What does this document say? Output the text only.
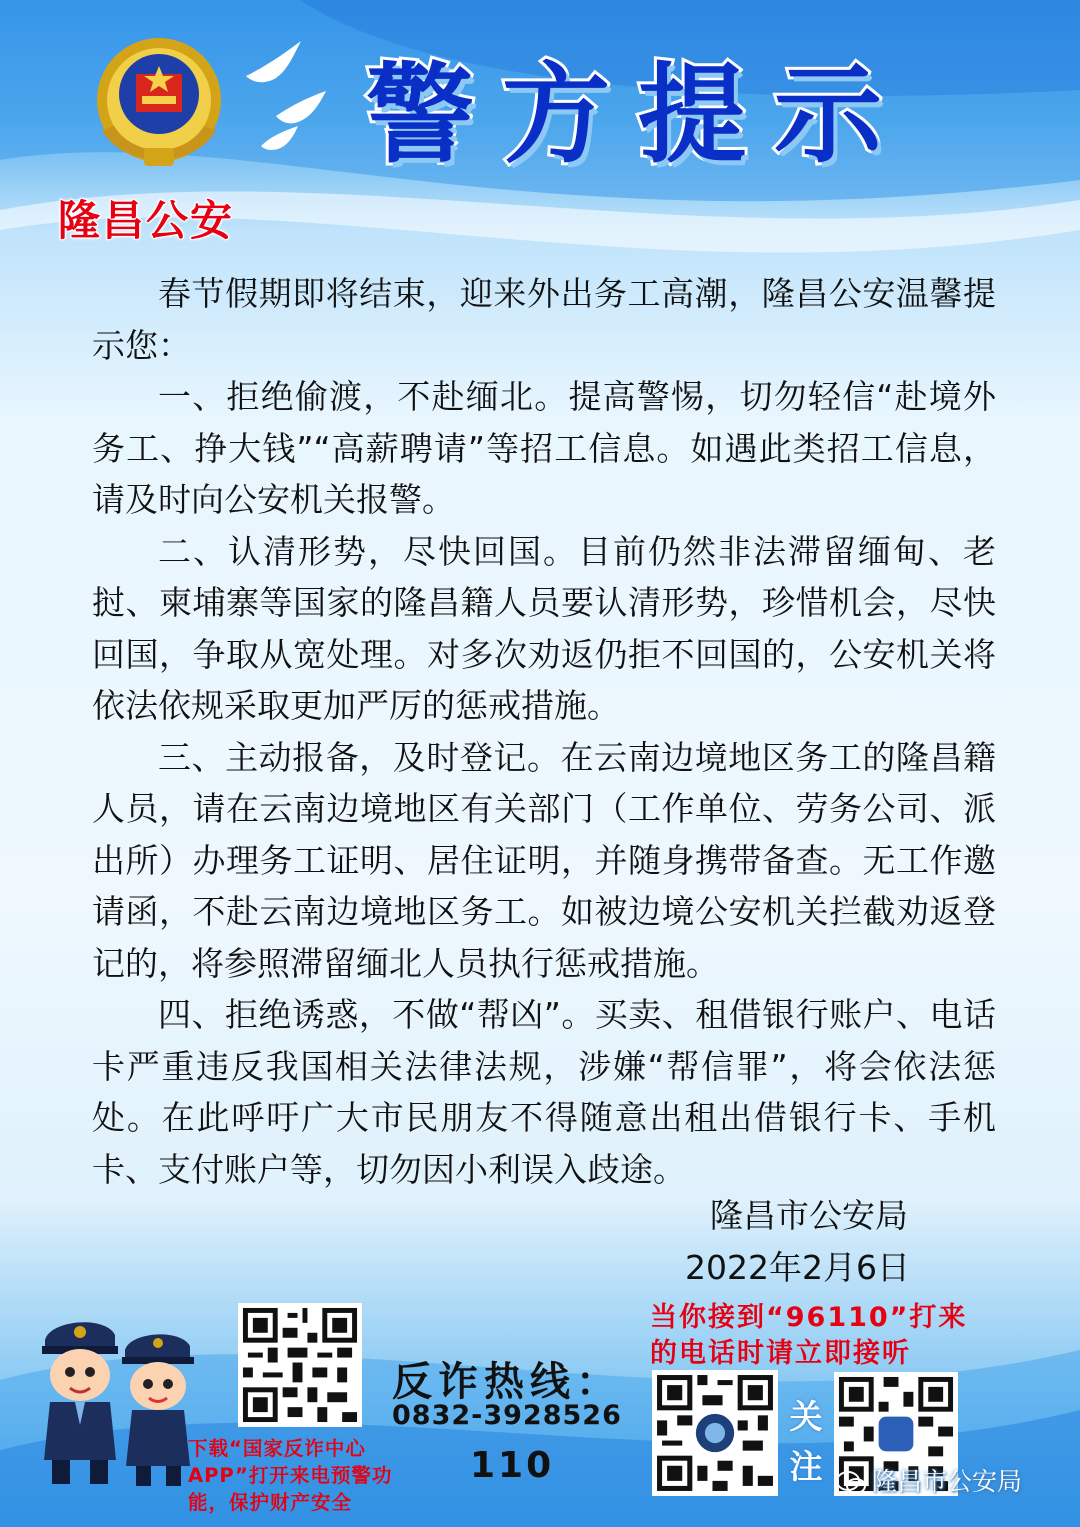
隆昌公安
警方提示

春节假期即将结束，迎来外出务工高潮，隆昌公安温馨提示您：

一、拒绝偷渡，不赴缅北。提高警惕，切勿轻信“赴境外务工、挣大钱”“高薪聘请”等招工信息。如遇此类招工信息，请及时向公安机关报警。

二、认清形势，尽快回国。目前仍然非法滞留缅甸、老挝、柬埔寨等国家的隆昌籍人员要认清形势，珍惜机会，尽快回国，争取从宽处理。对多次劝返仍拒不回国的，公安机关将依法依规采取更加严厉的惩戒措施。

三、主动报备，及时登记。在云南边境地区务工的隆昌籍人员，请在云南边境地区有关部门（工作单位、劳务公司、派出所）办理务工证明、居住证明，并随身携带备查。无工作邀请函，不赴云南边境地区务工。如被边境公安机关拦截劝返登记的，将参照滞留缅北人员执行惩戒措施。

四、拒绝诱惑，不做“帮凶”。买卖、租借银行账户、电话卡严重违反我国相关法律法规，涉嫌“帮信罪”，将会依法惩处。在此呼吁广大市民朋友不得随意出租出借银行卡、手机卡、支付账户等，切勿因小利误入歧途。

隆昌市公安局
2022年2月6日
下载“国家反诈中心APP”打开来电预警功能，保护财产安全
反诈热线：
0832-3928526
110
当你接到“96110”打来的电话时请立即接听
关注	隆昌市公安局
